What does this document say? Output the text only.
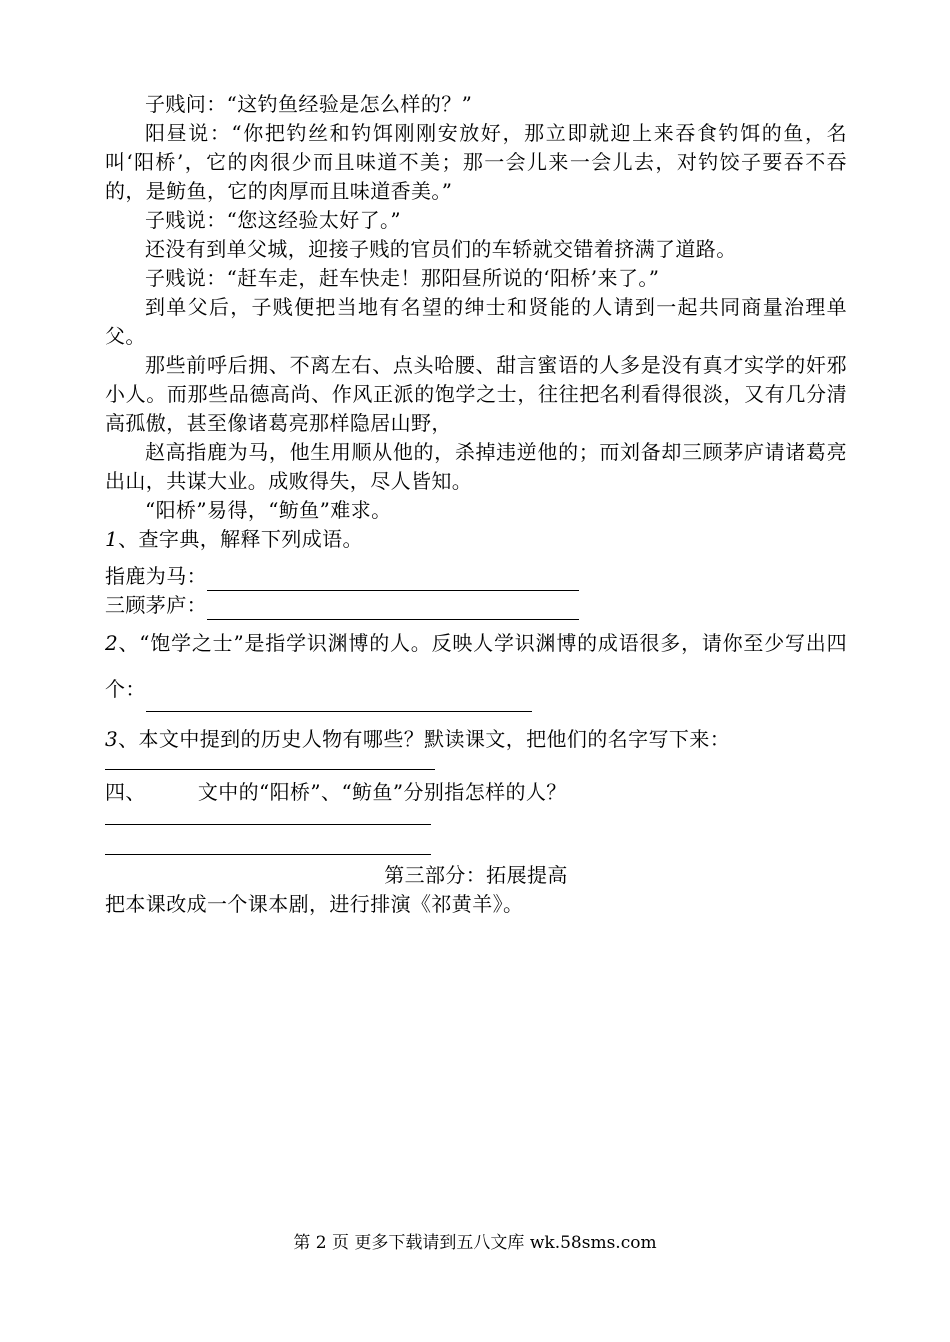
子贱问：“这钓鱼经验是怎么样的？”

阳昼说：“你把钓丝和钓饵刚刚安放好，那立即就迎上来吞食钓饵的鱼，名叫‘阳桥’，它的肉很少而且味道不美；那一会儿来一会儿去，对钓饺子要吞不吞的，是鲂鱼，它的肉厚而且味道香美。”

子贱说：“您这经验太好了。”

还没有到单父城，迎接子贱的官员们的车轿就交错着挤满了道路。

子贱说：“赶车走，赶车快走！那阳昼所说的‘阳桥’来了。”

到单父后，子贱便把当地有名望的绅士和贤能的人请到一起共同商量治理单父。

那些前呼后拥、不离左右、点头哈腰、甜言蜜语的人多是没有真才实学的奸邪小人。而那些品德高尚、作风正派的饱学之士，往往把名利看得很淡，又有几分清高孤傲，甚至像诸葛亮那样隐居山野，

赵高指鹿为马，他生用顺从他的，杀掉违逆他的；而刘备却三顾茅庐请诸葛亮出山，共谋大业。成败得失，尽人皆知。

“阳桥”易得，“鲂鱼”难求。

1、查字典，解释下列成语。

指鹿为马：

三顾茅庐：

2、“饱学之士”是指学识渊博的人。反映人学识渊博的成语很多，请你至少写出四个：

3、本文中提到的历史人物有哪些？默读课文，把他们的名字写下来：

四、	文中的“阳桥”、“鲂鱼”分别指怎样的人？

第三部分：拓展提高

把本课改成一个课本剧，进行排演《祁黄羊》。

第 2 页 更多下载请到五八文库 wk.58sms.com
